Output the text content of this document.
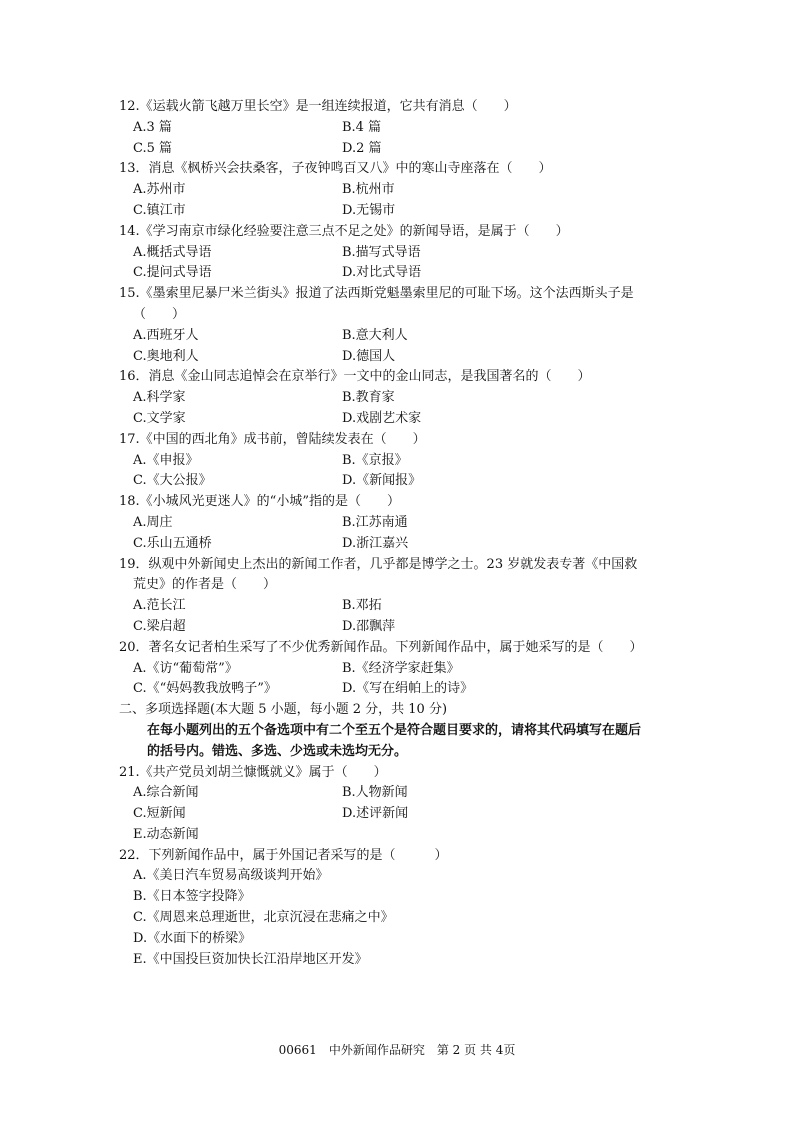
12.《运载火箭飞越万里长空》是一组连续报道，它共有消息（　　）
A.3 篇	B.4 篇
C.5 篇	D.2 篇
13．消息《枫桥兴会扶桑客，子夜钟鸣百又八》中的寒山寺座落在（　　）
A.苏州市	B.杭州市
C.镇江市	D.无锡市
14.《学习南京市绿化经验要注意三点不足之处》的新闻导语，是属于（　　）
A.概括式导语	B.描写式导语
C.提问式导语	D.对比式导语
15.《墨索里尼暴尸米兰街头》报道了法西斯党魁墨索里尼的可耻下场。这个法西斯头子是
（　　）
A.西班牙人	B.意大利人
C.奥地利人	D.德国人
16．消息《金山同志追悼会在京举行》一文中的金山同志，是我国著名的（　　）
A.科学家	B.教育家
C.文学家	D.戏剧艺术家
17.《中国的西北角》成书前，曾陆续发表在（　　）
A.《申报》	B.《京报》
C.《大公报》	D.《新闻报》
18.《小城风光更迷人》的“小城”指的是（　　）
A.周庄	B.江苏南通
C.乐山五通桥	D.浙江嘉兴
19．纵观中外新闻史上杰出的新闻工作者，几乎都是博学之士。23 岁就发表专著《中国救
荒史》的作者是（　　）
A.范长江	B.邓拓
C.梁启超	D.邵飘萍
20．著名女记者柏生采写了不少优秀新闻作品。下列新闻作品中，属于她采写的是（　　）
A.《访“葡萄常”》	B.《经济学家赶集》
C.《“妈妈教我放鸭子”》	D.《写在绢帕上的诗》
二、多项选择题(本大题 5 小题，每小题 2 分，共 10 分)
在每小题列出的五个备选项中有二个至五个是符合题目要求的，请将其代码填写在题后
的括号内。错选、多选、少选或未选均无分。
21.《共产党员刘胡兰慷慨就义》属于（　　）
A.综合新闻	B.人物新闻
C.短新闻	D.述评新闻
E.动态新闻
22．下列新闻作品中，属于外国记者采写的是（　　　）
A.《美日汽车贸易高级谈判开始》
B.《日本签字投降》
C.《周恩来总理逝世，北京沉浸在悲痛之中》
D.《水面下的桥梁》
E.《中国投巨资加快长江沿岸地区开发》
00661　中外新闻作品研究　第 2 页 共 4页
